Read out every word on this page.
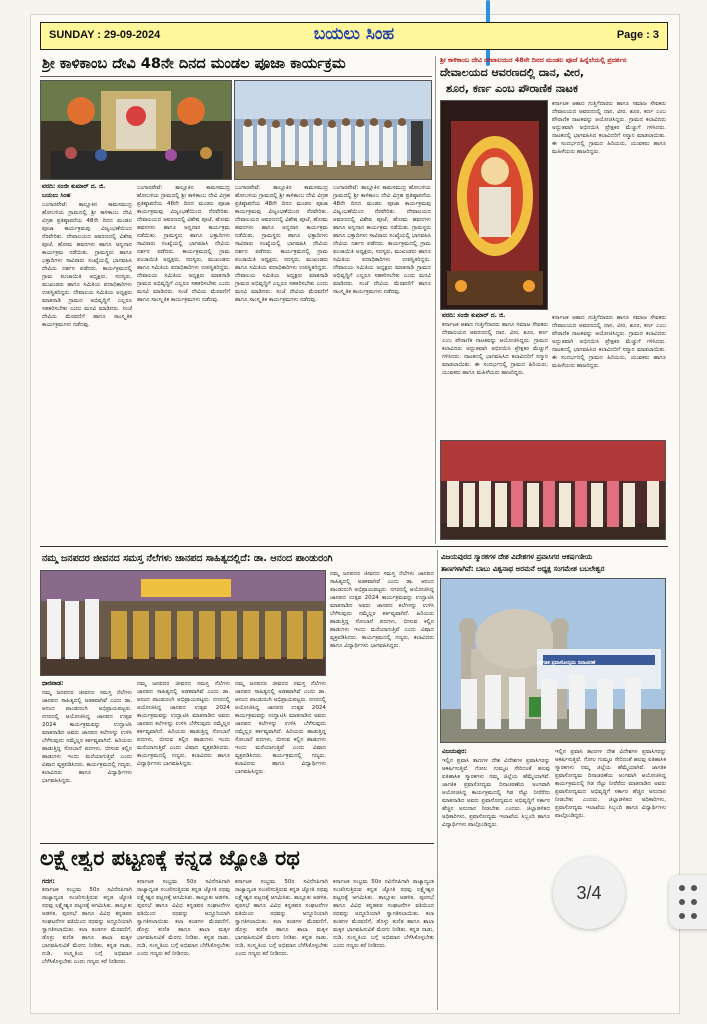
SUNDAY : 29-09-2024	ಬಯಲು ಸಿಂಹ	Page : 3
ಶ್ರೀ ಕಾಳಿಕಾಂಬ ದೇವಿ 48ನೇ ದಿನದ ಮಂಡಲ ಪೂಜಾ ಕಾರ್ಯಕ್ರಮ
ವರದಿ: ಸಂಜೀ ಕುಮಾರ್ ದ. ಜಿ.
ಬಯಲು ಸಿಂಹ
ಬಂಗಾರಪೇಟೆ: ತಾಲ್ಲೂಕಿನ ಕಾಮಸಮುದ್ರ ಹೋಬಳಿಯ ಗ್ರಾಮದಲ್ಲಿ ಶ್ರೀ ಕಾಳಿಕಾಂಬ ದೇವಿ ವಿಗ್ರಹ ಪ್ರತಿಷ್ಠಾಪನೆಯ 48ನೇ ದಿನದ ಮಂಡಲ ಪೂಜಾ ಕಾರ್ಯಕ್ರಮವು ವಿಜೃಂಭಣೆಯಿಂದ ನೆರವೇರಿತು. ದೇವಾಲಯದ ಆವರಣದಲ್ಲಿ ವಿಶೇಷ ಪೂಜೆ, ಹೋಮ ಹವನಗಳು ಹಾಗೂ ಅನ್ನದಾನ ಕಾರ್ಯಕ್ರಮ ನಡೆಯಿತು. ಗ್ರಾಮಸ್ಥರು ಹಾಗೂ ಭಕ್ತಾದಿಗಳು ಸಾವಿರಾರು ಸಂಖ್ಯೆಯಲ್ಲಿ ಭಾಗವಹಿಸಿ ದೇವಿಯ ದರ್ಶನ ಪಡೆದರು. ಕಾರ್ಯಕ್ರಮದಲ್ಲಿ ಗ್ರಾಮ ಪಂಚಾಯಿತಿ ಅಧ್ಯಕ್ಷರು, ಸದಸ್ಯರು, ಮುಖಂಡರು ಹಾಗೂ ಸಮಿತಿಯ ಪದಾಧಿಕಾರಿಗಳು ಉಪಸ್ಥಿತರಿದ್ದರು. ದೇವಾಲಯ ಸಮಿತಿಯ ಅಧ್ಯಕ್ಷರು ಮಾತನಾಡಿ ಗ್ರಾಮದ ಅಭಿವೃದ್ಧಿಗೆ ಎಲ್ಲರೂ ಸಹಕರಿಸಬೇಕು ಎಂದು ಮನವಿ ಮಾಡಿದರು. ಸಂಜೆ ದೇವಿಯ ಮೆರವಣಿಗೆ ಹಾಗೂ ಸಾಂಸ್ಕೃತಿಕ ಕಾರ್ಯಕ್ರಮಗಳು ನಡೆದವು.
ಬಂಗಾರಪೇಟೆ: ತಾಲ್ಲೂಕಿನ ಕಾಮಸಮುದ್ರ ಹೋಬಳಿಯ ಗ್ರಾಮದಲ್ಲಿ ಶ್ರೀ ಕಾಳಿಕಾಂಬ ದೇವಿ ವಿಗ್ರಹ ಪ್ರತಿಷ್ಠಾಪನೆಯ 48ನೇ ದಿನದ ಮಂಡಲ ಪೂಜಾ ಕಾರ್ಯಕ್ರಮವು ವಿಜೃಂಭಣೆಯಿಂದ ನೆರವೇರಿತು. ದೇವಾಲಯದ ಆವರಣದಲ್ಲಿ ವಿಶೇಷ ಪೂಜೆ, ಹೋಮ ಹವನಗಳು ಹಾಗೂ ಅನ್ನದಾನ ಕಾರ್ಯಕ್ರಮ ನಡೆಯಿತು. ಗ್ರಾಮಸ್ಥರು ಹಾಗೂ ಭಕ್ತಾದಿಗಳು ಸಾವಿರಾರು ಸಂಖ್ಯೆಯಲ್ಲಿ ಭಾಗವಹಿಸಿ ದೇವಿಯ ದರ್ಶನ ಪಡೆದರು. ಕಾರ್ಯಕ್ರಮದಲ್ಲಿ ಗ್ರಾಮ ಪಂಚಾಯಿತಿ ಅಧ್ಯಕ್ಷರು, ಸದಸ್ಯರು, ಮುಖಂಡರು ಹಾಗೂ ಸಮಿತಿಯ ಪದಾಧಿಕಾರಿಗಳು ಉಪಸ್ಥಿತರಿದ್ದರು. ದೇವಾಲಯ ಸಮಿತಿಯ ಅಧ್ಯಕ್ಷರು ಮಾತನಾಡಿ ಗ್ರಾಮದ ಅಭಿವೃದ್ಧಿಗೆ ಎಲ್ಲರೂ ಸಹಕರಿಸಬೇಕು ಎಂದು ಮನವಿ ಮಾಡಿದರು. ಸಂಜೆ ದೇವಿಯ ಮೆರವಣಿಗೆ ಹಾಗೂ ಸಾಂಸ್ಕೃತಿಕ ಕಾರ್ಯಕ್ರಮಗಳು ನಡೆದವು.
ಬಂಗಾರಪೇಟೆ: ತಾಲ್ಲೂಕಿನ ಕಾಮಸಮುದ್ರ ಹೋಬಳಿಯ ಗ್ರಾಮದಲ್ಲಿ ಶ್ರೀ ಕಾಳಿಕಾಂಬ ದೇವಿ ವಿಗ್ರಹ ಪ್ರತಿಷ್ಠಾಪನೆಯ 48ನೇ ದಿನದ ಮಂಡಲ ಪೂಜಾ ಕಾರ್ಯಕ್ರಮವು ವಿಜೃಂಭಣೆಯಿಂದ ನೆರವೇರಿತು. ದೇವಾಲಯದ ಆವರಣದಲ್ಲಿ ವಿಶೇಷ ಪೂಜೆ, ಹೋಮ ಹವನಗಳು ಹಾಗೂ ಅನ್ನದಾನ ಕಾರ್ಯಕ್ರಮ ನಡೆಯಿತು. ಗ್ರಾಮಸ್ಥರು ಹಾಗೂ ಭಕ್ತಾದಿಗಳು ಸಾವಿರಾರು ಸಂಖ್ಯೆಯಲ್ಲಿ ಭಾಗವಹಿಸಿ ದೇವಿಯ ದರ್ಶನ ಪಡೆದರು. ಕಾರ್ಯಕ್ರಮದಲ್ಲಿ ಗ್ರಾಮ ಪಂಚಾಯಿತಿ ಅಧ್ಯಕ್ಷರು, ಸದಸ್ಯರು, ಮುಖಂಡರು ಹಾಗೂ ಸಮಿತಿಯ ಪದಾಧಿಕಾರಿಗಳು ಉಪಸ್ಥಿತರಿದ್ದರು. ದೇವಾಲಯ ಸಮಿತಿಯ ಅಧ್ಯಕ್ಷರು ಮಾತನಾಡಿ ಗ್ರಾಮದ ಅಭಿವೃದ್ಧಿಗೆ ಎಲ್ಲರೂ ಸಹಕರಿಸಬೇಕು ಎಂದು ಮನವಿ ಮಾಡಿದರು. ಸಂಜೆ ದೇವಿಯ ಮೆರವಣಿಗೆ ಹಾಗೂ ಸಾಂಸ್ಕೃತಿಕ ಕಾರ್ಯಕ್ರಮಗಳು ನಡೆದವು.
ಬಂಗಾರಪೇಟೆ: ತಾಲ್ಲೂಕಿನ ಕಾಮಸಮುದ್ರ ಹೋಬಳಿಯ ಗ್ರಾಮದಲ್ಲಿ ಶ್ರೀ ಕಾಳಿಕಾಂಬ ದೇವಿ ವಿಗ್ರಹ ಪ್ರತಿಷ್ಠಾಪನೆಯ 48ನೇ ದಿನದ ಮಂಡಲ ಪೂಜಾ ಕಾರ್ಯಕ್ರಮವು ವಿಜೃಂಭಣೆಯಿಂದ ನೆರವೇರಿತು. ದೇವಾಲಯದ ಆವರಣದಲ್ಲಿ ವಿಶೇಷ ಪೂಜೆ, ಹೋಮ ಹವನಗಳು ಹಾಗೂ ಅನ್ನದಾನ ಕಾರ್ಯಕ್ರಮ ನಡೆಯಿತು. ಗ್ರಾಮಸ್ಥರು ಹಾಗೂ ಭಕ್ತಾದಿಗಳು ಸಾವಿರಾರು ಸಂಖ್ಯೆಯಲ್ಲಿ ಭಾಗವಹಿಸಿ ದೇವಿಯ ದರ್ಶನ ಪಡೆದರು. ಕಾರ್ಯಕ್ರಮದಲ್ಲಿ ಗ್ರಾಮ ಪಂಚಾಯಿತಿ ಅಧ್ಯಕ್ಷರು, ಸದಸ್ಯರು, ಮುಖಂಡರು ಹಾಗೂ ಸಮಿತಿಯ ಪದಾಧಿಕಾರಿಗಳು ಉಪಸ್ಥಿತರಿದ್ದರು. ದೇವಾಲಯ ಸಮಿತಿಯ ಅಧ್ಯಕ್ಷರು ಮಾತನಾಡಿ ಗ್ರಾಮದ ಅಭಿವೃದ್ಧಿಗೆ ಎಲ್ಲರೂ ಸಹಕರಿಸಬೇಕು ಎಂದು ಮನವಿ ಮಾಡಿದರು. ಸಂಜೆ ದೇವಿಯ ಮೆರವಣಿಗೆ ಹಾಗೂ ಸಾಂಸ್ಕೃತಿಕ ಕಾರ್ಯಕ್ರಮಗಳು ನಡೆದವು.
ಶ್ರೀ ಕಾಳಿಕಾಂಬ ದೇವಿ ದೇವಾಲಯದ 48ನೇ ದಿನದ ಮಂಡಲ ಪೂಜೆ ಹಿನ್ನೆಲೆಯಲ್ಲಿ ಪ್ರದರ್ಶನ
ದೇವಾಲಯದ ಆವರಣದಲ್ಲಿ ದಾನ, ವೀರ,
ಶೂರ, ಕರ್ಣ ಎಂಬ ಪೌರಾಣಿಕ ನಾಟಕ
ಕರ್ನಾಟಕ ಆಶಾದ ಗುತ್ತಿಗೆದಾರರು ಹಾಗೂ ಸಮಾಜ ಸೇವಕರು ದೇವಾಲಯದ ಆವರಣದಲ್ಲಿ ದಾನ, ವೀರ, ಶೂರ, ಕರ್ಣ ಎಂಬ ಪೌರಾಣಿಕ ನಾಟಕವನ್ನು ಆಯೋಜಿಸಿದ್ದರು. ಗ್ರಾಮದ ಕಲಾವಿದರು ಅದ್ಭುತವಾಗಿ ಅಭಿನಯಿಸಿ ಪ್ರೇಕ್ಷಕರ ಮೆಚ್ಚುಗೆ ಗಳಿಸಿದರು. ನಾಟಕದಲ್ಲಿ ಭಾಗವಹಿಸಿದ ಕಲಾವಿದರಿಗೆ ಸನ್ಮಾನ ಮಾಡಲಾಯಿತು. ಈ ಸಂದರ್ಭದಲ್ಲಿ ಗ್ರಾಮದ ಹಿರಿಯರು, ಯುವಕರು ಹಾಗೂ ಮಹಿಳೆಯರು ಹಾಜರಿದ್ದರು.
ವರದಿ: ಸಂಜೀ ಕುಮಾರ್ ದ. ಜಿ.
ಕರ್ನಾಟಕ ಆಶಾದ ಗುತ್ತಿಗೆದಾರರು ಹಾಗೂ ಸಮಾಜ ಸೇವಕರು ದೇವಾಲಯದ ಆವರಣದಲ್ಲಿ ದಾನ, ವೀರ, ಶೂರ, ಕರ್ಣ ಎಂಬ ಪೌರಾಣಿಕ ನಾಟಕವನ್ನು ಆಯೋಜಿಸಿದ್ದರು. ಗ್ರಾಮದ ಕಲಾವಿದರು ಅದ್ಭುತವಾಗಿ ಅಭಿನಯಿಸಿ ಪ್ರೇಕ್ಷಕರ ಮೆಚ್ಚುಗೆ ಗಳಿಸಿದರು. ನಾಟಕದಲ್ಲಿ ಭಾಗವಹಿಸಿದ ಕಲಾವಿದರಿಗೆ ಸನ್ಮಾನ ಮಾಡಲಾಯಿತು. ಈ ಸಂದರ್ಭದಲ್ಲಿ ಗ್ರಾಮದ ಹಿರಿಯರು, ಯುವಕರು ಹಾಗೂ ಮಹಿಳೆಯರು ಹಾಜರಿದ್ದರು.
ಕರ್ನಾಟಕ ಆಶಾದ ಗುತ್ತಿಗೆದಾರರು ಹಾಗೂ ಸಮಾಜ ಸೇವಕರು ದೇವಾಲಯದ ಆವರಣದಲ್ಲಿ ದಾನ, ವೀರ, ಶೂರ, ಕರ್ಣ ಎಂಬ ಪೌರಾಣಿಕ ನಾಟಕವನ್ನು ಆಯೋಜಿಸಿದ್ದರು. ಗ್ರಾಮದ ಕಲಾವಿದರು ಅದ್ಭುತವಾಗಿ ಅಭಿನಯಿಸಿ ಪ್ರೇಕ್ಷಕರ ಮೆಚ್ಚುಗೆ ಗಳಿಸಿದರು. ನಾಟಕದಲ್ಲಿ ಭಾಗವಹಿಸಿದ ಕಲಾವಿದರಿಗೆ ಸನ್ಮಾನ ಮಾಡಲಾಯಿತು. ಈ ಸಂದರ್ಭದಲ್ಲಿ ಗ್ರಾಮದ ಹಿರಿಯರು, ಯುವಕರು ಹಾಗೂ ಮಹಿಳೆಯರು ಹಾಜರಿದ್ದರು.
ನಮ್ಮ ಜನಪದರ ಜೀವನದ ಸಮಸ್ತ ನೆಲೆಗಳು ಜಾನಪದ ಸಾಹಿತ್ಯದಲ್ಲಿದೆ: ಡಾ. ಆನಂದ ಪಾಂಡುರಂಗಿ
ನಮ್ಮ ಜನಪದರ ಜೀವನದ ಸಮಸ್ತ ನೆಲೆಗಳು ಜಾನಪದ ಸಾಹಿತ್ಯದಲ್ಲಿ ಅಡಕವಾಗಿವೆ ಎಂದು ಡಾ. ಆನಂದ ಪಾಂಡುರಂಗಿ ಅಭಿಪ್ರಾಯಪಟ್ಟರು. ನಗರದಲ್ಲಿ ಆಯೋಜಿಸಿದ್ದ ಜಾನಪದ ಉತ್ಸವ 2024 ಕಾರ್ಯಕ್ರಮವನ್ನು ಉದ್ಘಾಟಿಸಿ ಮಾತನಾಡಿದ ಅವರು ಜಾನಪದ ಕಲೆಗಳನ್ನು ಉಳಿಸಿ ಬೆಳೆಸುವುದು ನಮ್ಮೆಲ್ಲರ ಕರ್ತವ್ಯವಾಗಿದೆ. ಹಿರಿಯರು ಹಾಡುತ್ತಿದ್ದ ಸೋಬಾನೆ ಪದಗಳು, ಬೀಸುವ ಕಲ್ಲಿನ ಹಾಡುಗಳು ಇಂದು ಮರೆಯಾಗುತ್ತಿವೆ ಎಂದು ವಿಷಾದ ವ್ಯಕ್ತಪಡಿಸಿದರು. ಕಾರ್ಯಕ್ರಮದಲ್ಲಿ ಗಣ್ಯರು, ಕಲಾವಿದರು ಹಾಗೂ ವಿದ್ಯಾರ್ಥಿಗಳು ಭಾಗವಹಿಸಿದ್ದರು.
ಧಾರವಾಡ:
ನಮ್ಮ ಜನಪದರ ಜೀವನದ ಸಮಸ್ತ ನೆಲೆಗಳು ಜಾನಪದ ಸಾಹಿತ್ಯದಲ್ಲಿ ಅಡಕವಾಗಿವೆ ಎಂದು ಡಾ. ಆನಂದ ಪಾಂಡುರಂಗಿ ಅಭಿಪ್ರಾಯಪಟ್ಟರು. ನಗರದಲ್ಲಿ ಆಯೋಜಿಸಿದ್ದ ಜಾನಪದ ಉತ್ಸವ 2024 ಕಾರ್ಯಕ್ರಮವನ್ನು ಉದ್ಘಾಟಿಸಿ ಮಾತನಾಡಿದ ಅವರು ಜಾನಪದ ಕಲೆಗಳನ್ನು ಉಳಿಸಿ ಬೆಳೆಸುವುದು ನಮ್ಮೆಲ್ಲರ ಕರ್ತವ್ಯವಾಗಿದೆ. ಹಿರಿಯರು ಹಾಡುತ್ತಿದ್ದ ಸೋಬಾನೆ ಪದಗಳು, ಬೀಸುವ ಕಲ್ಲಿನ ಹಾಡುಗಳು ಇಂದು ಮರೆಯಾಗುತ್ತಿವೆ ಎಂದು ವಿಷಾದ ವ್ಯಕ್ತಪಡಿಸಿದರು. ಕಾರ್ಯಕ್ರಮದಲ್ಲಿ ಗಣ್ಯರು, ಕಲಾವಿದರು ಹಾಗೂ ವಿದ್ಯಾರ್ಥಿಗಳು ಭಾಗವಹಿಸಿದ್ದರು.
ನಮ್ಮ ಜನಪದರ ಜೀವನದ ಸಮಸ್ತ ನೆಲೆಗಳು ಜಾನಪದ ಸಾಹಿತ್ಯದಲ್ಲಿ ಅಡಕವಾಗಿವೆ ಎಂದು ಡಾ. ಆನಂದ ಪಾಂಡುರಂಗಿ ಅಭಿಪ್ರಾಯಪಟ್ಟರು. ನಗರದಲ್ಲಿ ಆಯೋಜಿಸಿದ್ದ ಜಾನಪದ ಉತ್ಸವ 2024 ಕಾರ್ಯಕ್ರಮವನ್ನು ಉದ್ಘಾಟಿಸಿ ಮಾತನಾಡಿದ ಅವರು ಜಾನಪದ ಕಲೆಗಳನ್ನು ಉಳಿಸಿ ಬೆಳೆಸುವುದು ನಮ್ಮೆಲ್ಲರ ಕರ್ತವ್ಯವಾಗಿದೆ. ಹಿರಿಯರು ಹಾಡುತ್ತಿದ್ದ ಸೋಬಾನೆ ಪದಗಳು, ಬೀಸುವ ಕಲ್ಲಿನ ಹಾಡುಗಳು ಇಂದು ಮರೆಯಾಗುತ್ತಿವೆ ಎಂದು ವಿಷಾದ ವ್ಯಕ್ತಪಡಿಸಿದರು. ಕಾರ್ಯಕ್ರಮದಲ್ಲಿ ಗಣ್ಯರು, ಕಲಾವಿದರು ಹಾಗೂ ವಿದ್ಯಾರ್ಥಿಗಳು ಭಾಗವಹಿಸಿದ್ದರು.
ನಮ್ಮ ಜನಪದರ ಜೀವನದ ಸಮಸ್ತ ನೆಲೆಗಳು ಜಾನಪದ ಸಾಹಿತ್ಯದಲ್ಲಿ ಅಡಕವಾಗಿವೆ ಎಂದು ಡಾ. ಆನಂದ ಪಾಂಡುರಂಗಿ ಅಭಿಪ್ರಾಯಪಟ್ಟರು. ನಗರದಲ್ಲಿ ಆಯೋಜಿಸಿದ್ದ ಜಾನಪದ ಉತ್ಸವ 2024 ಕಾರ್ಯಕ್ರಮವನ್ನು ಉದ್ಘಾಟಿಸಿ ಮಾತನಾಡಿದ ಅವರು ಜಾನಪದ ಕಲೆಗಳನ್ನು ಉಳಿಸಿ ಬೆಳೆಸುವುದು ನಮ್ಮೆಲ್ಲರ ಕರ್ತವ್ಯವಾಗಿದೆ. ಹಿರಿಯರು ಹಾಡುತ್ತಿದ್ದ ಸೋಬಾನೆ ಪದಗಳು, ಬೀಸುವ ಕಲ್ಲಿನ ಹಾಡುಗಳು ಇಂದು ಮರೆಯಾಗುತ್ತಿವೆ ಎಂದು ವಿಷಾದ ವ್ಯಕ್ತಪಡಿಸಿದರು. ಕಾರ್ಯಕ್ರಮದಲ್ಲಿ ಗಣ್ಯರು, ಕಲಾವಿದರು ಹಾಗೂ ವಿದ್ಯಾರ್ಥಿಗಳು ಭಾಗವಹಿಸಿದ್ದರು.
ವಿಜಯಪುರದ ಸ್ಮಾರಕಗಳ ದೇಶ ವಿದೇಶಗಳ ಪ್ರವಾಸಿಗರ ಆಕರ್ಷಣೀಯ
ತಾಣಗಳಾಗಿವೆ: ಬಾಬು ವಿಶ್ವನಾಥ ಅರಮನೆ ಅಧ್ಯಕ್ಷ ಸಂಗಮೇಶ ಬಬಲೇಶ್ವರ
ಜಾಗತಿಕ ಪ್ರವಾಸೋದ್ಯಮ ದಿನಾಚರಣೆ
ವಿಜಯಪುರ:
ಇಲ್ಲಿನ ಪ್ರವಾಸಿ ತಾಣಗಳ ದೇಶ ವಿದೇಶಗಳ ಪ್ರವಾಸಿಗರನ್ನು ಆಕರ್ಷಿಸುತ್ತಿವೆ. ಗೋಲ ಗುಮ್ಮಟ ಸೇರಿದಂತೆ ಹಲವು ಐತಿಹಾಸಿಕ ಸ್ಮಾರಕಗಳು ನಮ್ಮ ಜಿಲ್ಲೆಯ ಹೆಮ್ಮೆಯಾಗಿವೆ. ಜಾಗತಿಕ ಪ್ರವಾಸೋದ್ಯಮ ದಿನಾಚರಣೆಯ ಅಂಗವಾಗಿ ಆಯೋಜಿಸಿದ್ದ ಕಾರ್ಯಕ್ರಮದಲ್ಲಿ ಗಿಡ ನೆಟ್ಟು ನೀರೆರೆದು ಮಾತನಾಡಿದ ಅವರು ಪ್ರವಾಸೋದ್ಯಮದ ಅಭಿವೃದ್ಧಿಗೆ ಸರ್ಕಾರ ಹೆಚ್ಚಿನ ಅನುದಾನ ನೀಡಬೇಕು ಎಂದರು. ಜಿಲ್ಲಾಡಳಿತದ ಅಧಿಕಾರಿಗಳು, ಪ್ರವಾಸೋದ್ಯಮ ಇಲಾಖೆಯ ಸಿಬ್ಬಂದಿ ಹಾಗೂ ವಿದ್ಯಾರ್ಥಿಗಳು ಪಾಲ್ಗೊಂಡಿದ್ದರು.
ಇಲ್ಲಿನ ಪ್ರವಾಸಿ ತಾಣಗಳ ದೇಶ ವಿದೇಶಗಳ ಪ್ರವಾಸಿಗರನ್ನು ಆಕರ್ಷಿಸುತ್ತಿವೆ. ಗೋಲ ಗುಮ್ಮಟ ಸೇರಿದಂತೆ ಹಲವು ಐತಿಹಾಸಿಕ ಸ್ಮಾರಕಗಳು ನಮ್ಮ ಜಿಲ್ಲೆಯ ಹೆಮ್ಮೆಯಾಗಿವೆ. ಜಾಗತಿಕ ಪ್ರವಾಸೋದ್ಯಮ ದಿನಾಚರಣೆಯ ಅಂಗವಾಗಿ ಆಯೋಜಿಸಿದ್ದ ಕಾರ್ಯಕ್ರಮದಲ್ಲಿ ಗಿಡ ನೆಟ್ಟು ನೀರೆರೆದು ಮಾತನಾಡಿದ ಅವರು ಪ್ರವಾಸೋದ್ಯಮದ ಅಭಿವೃದ್ಧಿಗೆ ಸರ್ಕಾರ ಹೆಚ್ಚಿನ ಅನುದಾನ ನೀಡಬೇಕು ಎಂದರು. ಜಿಲ್ಲಾಡಳಿತದ ಅಧಿಕಾರಿಗಳು, ಪ್ರವಾಸೋದ್ಯಮ ಇಲಾಖೆಯ ಸಿಬ್ಬಂದಿ ಹಾಗೂ ವಿದ್ಯಾರ್ಥಿಗಳು ಪಾಲ್ಗೊಂಡಿದ್ದರು.
ಲಕ್ಷ್ಮೇಶ್ವರ ಪಟ್ಟಣಕ್ಕೆ ಕನ್ನಡ ಜ್ಯೋತಿ ರಥ
ಗದಗ:
ಕರ್ನಾಟಕ ಸಂಭ್ರಮ 50ರ ಸವಿನೆನಪಿಗಾಗಿ ರಾಜ್ಯಾದ್ಯಂತ ಸಂಚರಿಸುತ್ತಿರುವ ಕನ್ನಡ ಜ್ಯೋತಿ ರಥವು ಲಕ್ಷ್ಮೇಶ್ವರ ಪಟ್ಟಣಕ್ಕೆ ಆಗಮಿಸಿತು. ತಾಲ್ಲೂಕು ಆಡಳಿತ, ಪುರಸಭೆ ಹಾಗೂ ವಿವಿಧ ಕನ್ನಡಪರ ಸಂಘಟನೆಗಳ ವತಿಯಿಂದ ರಥವನ್ನು ಅದ್ದೂರಿಯಾಗಿ ಸ್ವಾಗತಿಸಲಾಯಿತು. ಕಲಾ ತಂಡಗಳ ಮೆರವಣಿಗೆ, ಡೊಳ್ಳು ಕುಣಿತ ಹಾಗೂ ಶಾಲಾ ಮಕ್ಕಳ ಭಾಗವಹಿಸುವಿಕೆ ಮೆರಗು ನೀಡಿತು. ಕನ್ನಡ ನಾಡು, ನುಡಿ, ಸಂಸ್ಕೃತಿಯ ಬಗ್ಗೆ ಅಭಿಮಾನ ಬೆಳೆಸಿಕೊಳ್ಳಬೇಕು ಎಂದು ಗಣ್ಯರು ಕರೆ ನೀಡಿದರು.
ಕರ್ನಾಟಕ ಸಂಭ್ರಮ 50ರ ಸವಿನೆನಪಿಗಾಗಿ ರಾಜ್ಯಾದ್ಯಂತ ಸಂಚರಿಸುತ್ತಿರುವ ಕನ್ನಡ ಜ್ಯೋತಿ ರಥವು ಲಕ್ಷ್ಮೇಶ್ವರ ಪಟ್ಟಣಕ್ಕೆ ಆಗಮಿಸಿತು. ತಾಲ್ಲೂಕು ಆಡಳಿತ, ಪುರಸಭೆ ಹಾಗೂ ವಿವಿಧ ಕನ್ನಡಪರ ಸಂಘಟನೆಗಳ ವತಿಯಿಂದ ರಥವನ್ನು ಅದ್ದೂರಿಯಾಗಿ ಸ್ವಾಗತಿಸಲಾಯಿತು. ಕಲಾ ತಂಡಗಳ ಮೆರವಣಿಗೆ, ಡೊಳ್ಳು ಕುಣಿತ ಹಾಗೂ ಶಾಲಾ ಮಕ್ಕಳ ಭಾಗವಹಿಸುವಿಕೆ ಮೆರಗು ನೀಡಿತು. ಕನ್ನಡ ನಾಡು, ನುಡಿ, ಸಂಸ್ಕೃತಿಯ ಬಗ್ಗೆ ಅಭಿಮಾನ ಬೆಳೆಸಿಕೊಳ್ಳಬೇಕು ಎಂದು ಗಣ್ಯರು ಕರೆ ನೀಡಿದರು.
ಕರ್ನಾಟಕ ಸಂಭ್ರಮ 50ರ ಸವಿನೆನಪಿಗಾಗಿ ರಾಜ್ಯಾದ್ಯಂತ ಸಂಚರಿಸುತ್ತಿರುವ ಕನ್ನಡ ಜ್ಯೋತಿ ರಥವು ಲಕ್ಷ್ಮೇಶ್ವರ ಪಟ್ಟಣಕ್ಕೆ ಆಗಮಿಸಿತು. ತಾಲ್ಲೂಕು ಆಡಳಿತ, ಪುರಸಭೆ ಹಾಗೂ ವಿವಿಧ ಕನ್ನಡಪರ ಸಂಘಟನೆಗಳ ವತಿಯಿಂದ ರಥವನ್ನು ಅದ್ದೂರಿಯಾಗಿ ಸ್ವಾಗತಿಸಲಾಯಿತು. ಕಲಾ ತಂಡಗಳ ಮೆರವಣಿಗೆ, ಡೊಳ್ಳು ಕುಣಿತ ಹಾಗೂ ಶಾಲಾ ಮಕ್ಕಳ ಭಾಗವಹಿಸುವಿಕೆ ಮೆರಗು ನೀಡಿತು. ಕನ್ನಡ ನಾಡು, ನುಡಿ, ಸಂಸ್ಕೃತಿಯ ಬಗ್ಗೆ ಅಭಿಮಾನ ಬೆಳೆಸಿಕೊಳ್ಳಬೇಕು ಎಂದು ಗಣ್ಯರು ಕರೆ ನೀಡಿದರು.
ಕರ್ನಾಟಕ ಸಂಭ್ರಮ 50ರ ಸವಿನೆನಪಿಗಾಗಿ ರಾಜ್ಯಾದ್ಯಂತ ಸಂಚರಿಸುತ್ತಿರುವ ಕನ್ನಡ ಜ್ಯೋತಿ ರಥವು ಲಕ್ಷ್ಮೇಶ್ವರ ಪಟ್ಟಣಕ್ಕೆ ಆಗಮಿಸಿತು. ತಾಲ್ಲೂಕು ಆಡಳಿತ, ಪುರಸಭೆ ಹಾಗೂ ವಿವಿಧ ಕನ್ನಡಪರ ಸಂಘಟನೆಗಳ ವತಿಯಿಂದ ರಥವನ್ನು ಅದ್ದೂರಿಯಾಗಿ ಸ್ವಾಗತಿಸಲಾಯಿತು. ಕಲಾ ತಂಡಗಳ ಮೆರವಣಿಗೆ, ಡೊಳ್ಳು ಕುಣಿತ ಹಾಗೂ ಶಾಲಾ ಮಕ್ಕಳ ಭಾಗವಹಿಸುವಿಕೆ ಮೆರಗು ನೀಡಿತು. ಕನ್ನಡ ನಾಡು, ನುಡಿ, ಸಂಸ್ಕೃತಿಯ ಬಗ್ಗೆ ಅಭಿಮಾನ ಬೆಳೆಸಿಕೊಳ್ಳಬೇಕು ಎಂದು ಗಣ್ಯರು ಕರೆ ನೀಡಿದರು.
3/4
